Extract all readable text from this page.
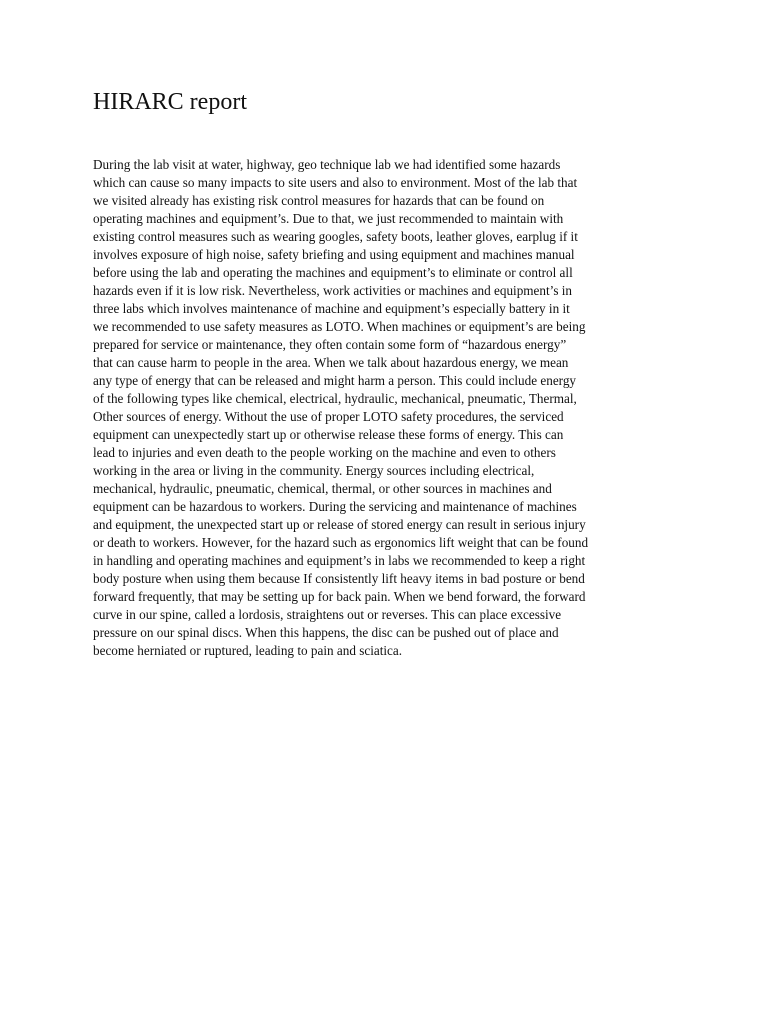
HIRARC report
During the lab visit at water, highway, geo technique lab we had identified some hazards
which can cause so many impacts to site users and also to environment. Most of the lab that
we visited already has existing risk control measures for hazards that can be found on
operating machines and equipment’s. Due to that, we just recommended to maintain with
existing control measures such as wearing googles, safety boots, leather gloves, earplug if it
involves exposure of high noise, safety briefing and using equipment and machines manual
before using the lab and operating the machines and equipment’s to eliminate or control all
hazards even if it is low risk. Nevertheless, work activities or machines and equipment’s in
three labs which involves maintenance of machine and equipment’s especially battery in it
we recommended to use safety measures as LOTO. When machines or equipment’s are being
prepared for service or maintenance, they often contain some form of “hazardous energy”
that can cause harm to people in the area. When we talk about hazardous energy, we mean
any type of energy that can be released and might harm a person. This could include energy
of the following types like chemical, electrical, hydraulic, mechanical, pneumatic, Thermal,
Other sources of energy. Without the use of proper LOTO safety procedures, the serviced
equipment can unexpectedly start up or otherwise release these forms of energy. This can
lead to injuries and even death to the people working on the machine and even to others
working in the area or living in the community. Energy sources including electrical,
mechanical, hydraulic, pneumatic, chemical, thermal, or other sources in machines and
equipment can be hazardous to workers. During the servicing and maintenance of machines
and equipment, the unexpected start up or release of stored energy can result in serious injury
or death to workers. However, for the hazard such as ergonomics lift weight that can be found
in handling and operating machines and equipment’s in labs we recommended to keep a right
body posture when using them because If consistently lift heavy items in bad posture or bend
forward frequently, that may be setting up for back pain. When we bend forward, the forward
curve in our spine, called a lordosis, straightens out or reverses. This can place excessive
pressure on our spinal discs. When this happens, the disc can be pushed out of place and
become herniated or ruptured, leading to pain and sciatica.
